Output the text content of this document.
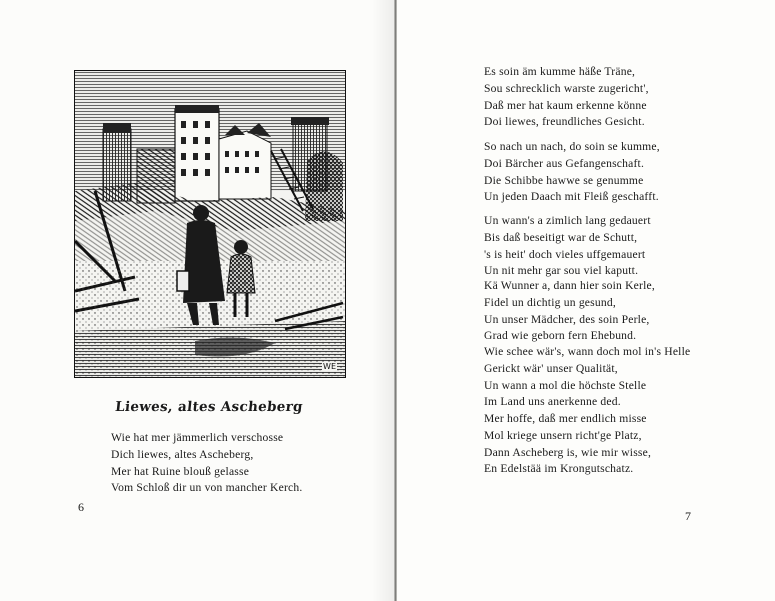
WE
Liewes, altes Ascheberg
Wie hat mer jämmerlich verschosse
Dich liewes, altes Ascheberg,
Mer hat Ruine blouß gelasse
Vom Schloß dir un von mancher Kerch.
6
Es soin äm kumme häße Träne,
Sou schrecklich warste zugericht',
Daß mer hat kaum erkenne könne
Doi liewes, freundliches Gesicht.
So nach un nach, do soin se kumme,
Doi Bärcher aus Gefangenschaft.
Die Schibbe hawwe se genumme
Un jeden Daach mit Fleiß geschafft.
Un wann's a zimlich lang gedauert
Bis daß beseitigt war de Schutt,
's is heit' doch vieles uffgemauert
Un nit mehr gar sou viel kaputt.
Kä Wunner a, dann hier soin Kerle,
Fidel un dichtig un gesund,
Un unser Mädcher, des soin Perle,
Grad wie geborn fern Ehebund.
Wie schee wär's, wann doch mol in's Helle
Gerickt wär' unser Qualität,
Un wann a mol die höchste Stelle
Im Land uns anerkenne ded.
Mer hoffe, daß mer endlich misse
Mol kriege unsern richt'ge Platz,
Dann Ascheberg is, wie mir wisse,
En Edelstää im Krongutschatz.
7
